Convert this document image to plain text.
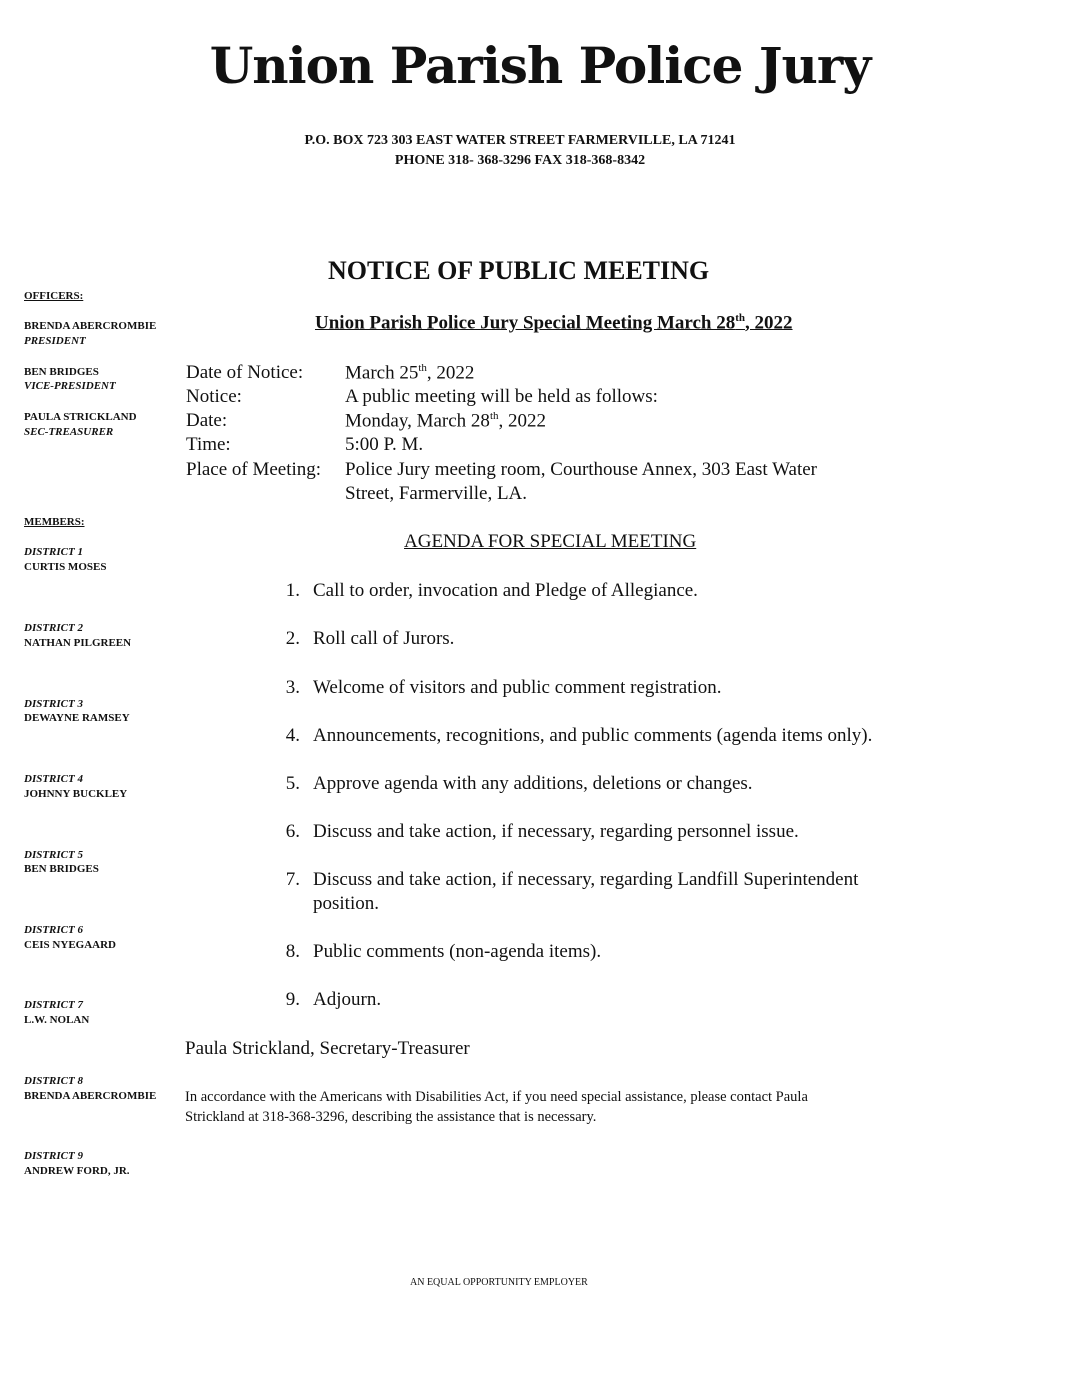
Union Parish Police Jury
P.O. BOX 723 303 EAST WATER STREET FARMERVILLE, LA 71241
PHONE 318- 368-3296 FAX 318-368-8342
NOTICE OF PUBLIC MEETING
Union Parish Police Jury Special Meeting March 28th, 2022
OFFICERS:
BRENDA ABERCROMBIE
PRESIDENT
BEN BRIDGES
VICE-PRESIDENT
PAULA STRICKLAND
SEC-TREASURER
MEMBERS:
DISTRICT 1
CURTIS MOSES
DISTRICT 2
NATHAN PILGREEN
DISTRICT 3
DEWAYNE RAMSEY
DISTRICT 4
JOHNNY BUCKLEY
DISTRICT 5
BEN BRIDGES
DISTRICT 6
CEIS NYEGAARD
DISTRICT 7
L.W. NOLAN
DISTRICT 8
BRENDA ABERCROMBIE
DISTRICT 9
ANDREW FORD, JR.
Date of Notice: March 25th, 2022
Notice:	A public meeting will be held as follows:
Date:	Monday, March 28th, 2022
Time:	5:00 P. M.
Place of Meeting: Police Jury meeting room, Courthouse Annex, 303 East Water
Street, Farmerville, LA.
AGENDA FOR SPECIAL MEETING
1. Call to order, invocation and Pledge of Allegiance.
2. Roll call of Jurors.
3. Welcome of visitors and public comment registration.
4. Announcements, recognitions, and public comments (agenda items only).
5. Approve agenda with any additions, deletions or changes.
6. Discuss and take action, if necessary, regarding personnel issue.
7. Discuss and take action, if necessary, regarding Landfill Superintendent
position.
8. Public comments (non-agenda items).
9. Adjourn.
Paula Strickland, Secretary-Treasurer
In accordance with the Americans with Disabilities Act, if you need special assistance, please contact Paula
Strickland at 318-368-3296, describing the assistance that is necessary.
AN EQUAL OPPORTUNITY EMPLOYER
